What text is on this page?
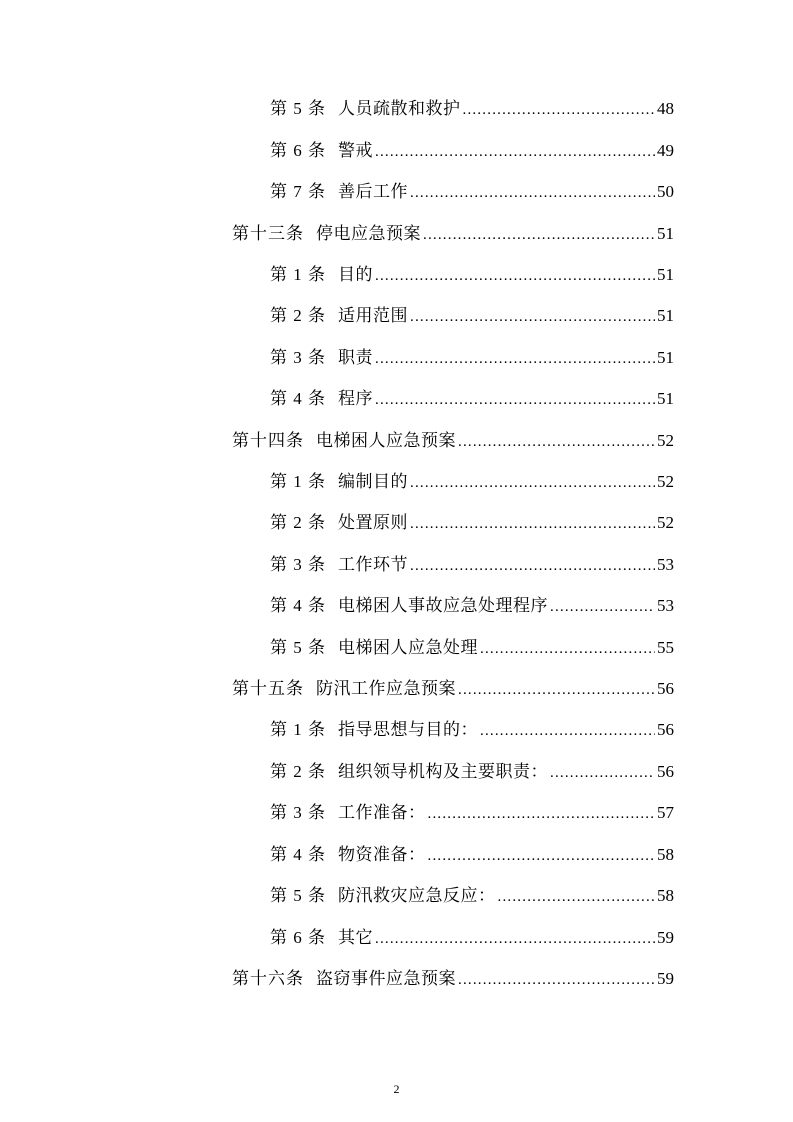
第 5 条 人员疏散和救护 .....	48
第 6 条 警戒 .....	49
第 7 条 善后工作 .....	50
第十三条 停电应急预案 .....	51
第 1 条 目的 .....	51
第 2 条 适用范围 .....	51
第 3 条 职责 .....	51
第 4 条 程序 .....	51
第十四条 电梯困人应急预案 .....	52
第 1 条 编制目的 .....	52
第 2 条 处置原则 .....	52
第 3 条 工作环节 .....	53
第 4 条 电梯困人事故应急处理程序 .....	53
第 5 条 电梯困人应急处理 .....	55
第十五条 防汛工作应急预案 .....	56
第 1 条 指导思想与目的： .....	56
第 2 条 组织领导机构及主要职责： .....	56
第 3 条 工作准备： .....	57
第 4 条 物资准备： .....	58
第 5 条 防汛救灾应急反应： .....	58
第 6 条 其它 .....	59
第十六条 盗窃事件应急预案 .....	59
2
